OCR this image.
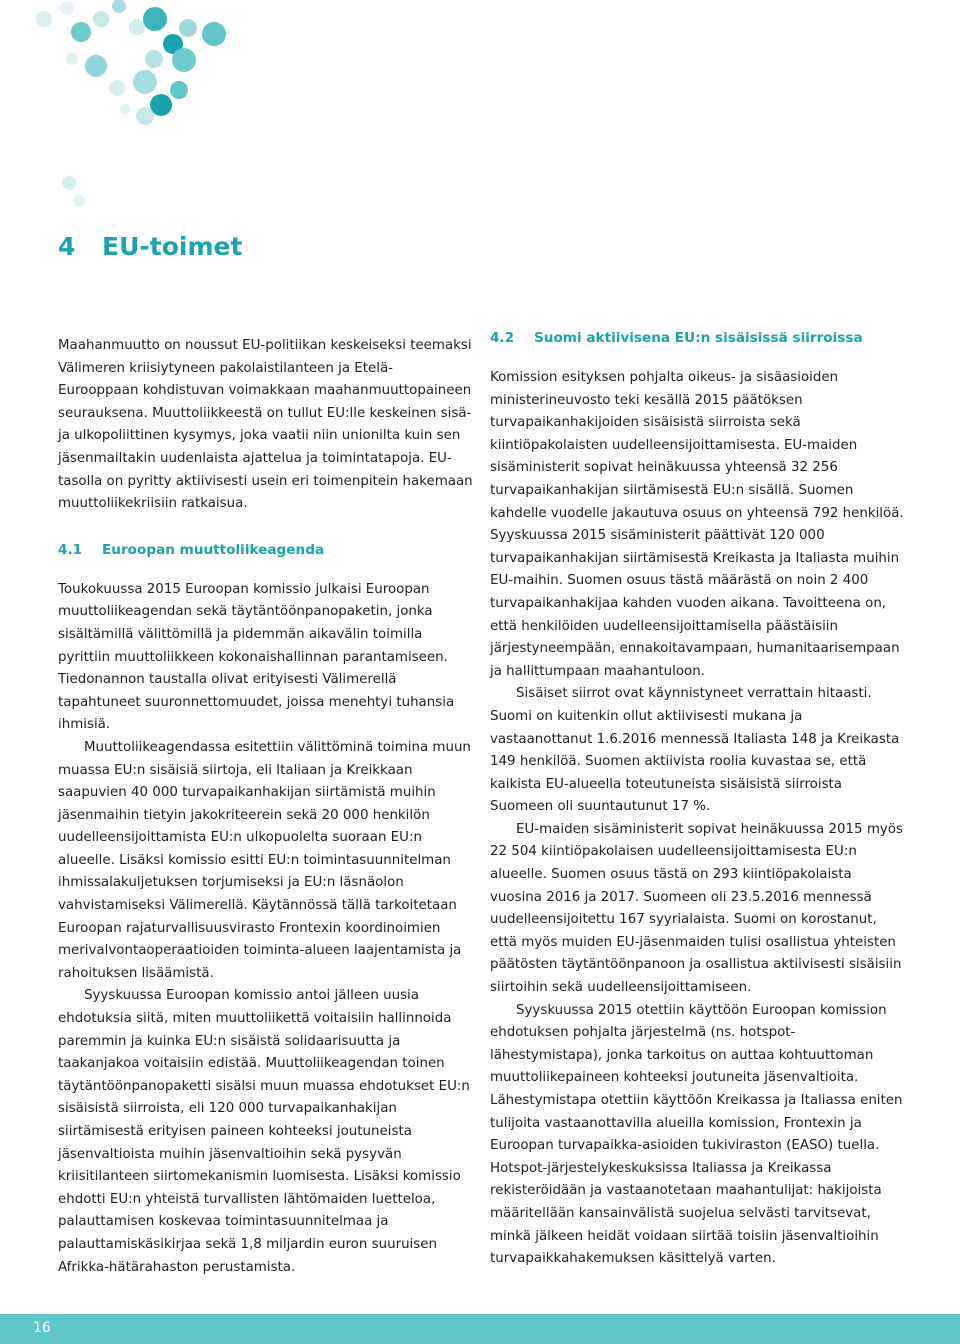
4 EU-toimet

Maahanmuutto on noussut EU-politiikan keskeiseksi teemaksi Välimeren kriisiytyneen pakolaistilanteen ja Etelä-Eurooppaan kohdistuvan voimakkaan maahanmuuttopaineen seurauksena. Muuttoliikkeestä on tullut EU:lle keskeinen sisä- ja ulkopoliittinen kysymys, joka vaatii niin unionilta kuin sen jäsenmailtakin uudenlaista ajattelua ja toimintatapoja. EU-tasolla on pyritty aktiivisesti usein eri toimenpitein hakemaan muuttoliikekriisiin ratkaisua.

4.1 Euroopan muuttoliikeagenda

Toukokuussa 2015 Euroopan komissio julkaisi Euroopan muuttoliikeagendan sekä täytäntöönpanopaketin, jonka sisältämillä välittömillä ja pidemmän aikavälin toimilla pyrittiin muuttoliikkeen kokonaishallinnan parantamiseen. Tiedonannon taustalla olivat erityisesti Välimerellä tapahtuneet suuronnettomuudet, joissa menehtyi tuhansia ihmisiä.

Muuttoliikeagendassa esitettiin välittöminä toimina muun muassa EU:n sisäisiä siirtoja, eli Italiaan ja Kreikkaan saapuvien 40 000 turvapaikanhakijan siirtämistä muihin jäsenmaihin tietyin jakokriteerein sekä 20 000 henkilön uudelleensijoittamista EU:n ulkopuolelta suoraan EU:n alueelle. Lisäksi komissio esitti EU:n toimintasuunnitelman ihmissalakuljetuksen torjumiseksi ja EU:n läsnäolon vahvistamiseksi Välimerellä. Käytännössä tällä tarkoitetaan Euroopan rajaturvallisuusvirasto Frontexin koordinoimien merivalvontaoperaatioiden toiminta-alueen laajentamista ja rahoituksen lisäämistä.

Syyskuussa Euroopan komissio antoi jälleen uusia ehdotuksia siitä, miten muuttoliikettä voitaisiin hallinnoida paremmin ja kuinka EU:n sisäistä solidaarisuutta ja taakanjakoa voitaisiin edistää. Muuttoliikeagendan toinen täytäntöönpanopaketti sisälsi muun muassa ehdotukset EU:n sisäisistä siirroista, eli 120 000 turvapaikanhakijan siirtämisestä erityisen paineen kohteeksi joutuneista jäsenvaltioista muihin jäsenvaltioihin sekä pysyvän kriisitilanteen siirtomekanismin luomisesta. Lisäksi komissio ehdotti EU:n yhteistä turvallisten lähtömaiden luetteloa, palauttamisen koskevaa toimintasuunnitelmaa ja palauttamiskäsikirjaa sekä 1,8 miljardin euron suuruisen Afrikka-hätärahaston perustamista.

4.2 Suomi aktiivisena EU:n sisäisissä siirroissa

Komission esityksen pohjalta oikeus- ja sisäasioiden ministerineuvosto teki kesällä 2015 päätöksen turvapaikanhakijoiden sisäisistä siirroista sekä kiintiöpakolaisten uudelleensijoittamisesta. EU-maiden sisäministerit sopivat heinäkuussa yhteensä 32 256 turvapaikanhakijan siirtämisestä EU:n sisällä. Suomen kahdelle vuodelle jakautuva osuus on yhteensä 792 henkilöä. Syyskuussa 2015 sisäministerit päättivät 120 000 turvapaikanhakijan siirtämisestä Kreikasta ja Italiasta muihin EU-maihin. Suomen osuus tästä määrästä on noin 2 400 turvapaikanhakijaa kahden vuoden aikana. Tavoitteena on, että henkilöiden uudelleensijoittamisella päästäisiin järjestyneempään, ennakoitavampaan, humanitaarisempaan ja hallittumpaan maahantuloon.

Sisäiset siirrot ovat käynnistyneet verrattain hitaasti. Suomi on kuitenkin ollut aktiivisesti mukana ja vastaanottanut 1.6.2016 mennessä Italiasta 148 ja Kreikasta 149 henkilöä. Suomen aktiivista roolia kuvastaa se, että kaikista EU-alueella toteutuneista sisäisistä siirroista Suomeen oli suuntautunut 17 %.

EU-maiden sisäministerit sopivat heinäkuussa 2015 myös 22 504 kiintiöpakolaisen uudelleensijoittamisesta EU:n alueelle. Suomen osuus tästä on 293 kiintiöpakolaista vuosina 2016 ja 2017. Suomeen oli 23.5.2016 mennessä uudelleensijoitettu 167 syyrialaista. Suomi on korostanut, että myös muiden EU-jäsenmaiden tulisi osallistua yhteisten päätösten täytäntöönpanoon ja osallistua aktiivisesti sisäisiin siirtoihin sekä uudelleensijoittamiseen.

Syyskuussa 2015 otettiin käyttöön Euroopan komission ehdotuksen pohjalta järjestelmä (ns. hotspot-lähestymistapa), jonka tarkoitus on auttaa kohtuuttoman muuttoliikepaineen kohteeksi joutuneita jäsenvaltioita. Lähestymistapa otettiin käyttöön Kreikassa ja Italiassa eniten tulijoita vastaanottavilla alueilla komission, Frontexin ja Euroopan turvapaikka-asioiden tukiviraston (EASO) tuella. Hotspot-järjestelykeskuksissa Italiassa ja Kreikassa rekisteröidään ja vastaanotetaan maahantulijat: hakijoista määritellään kansainvälistä suojelua selvästi tarvitsevat, minkä jälkeen heidät voidaan siirtää toisiin jäsenvaltioihin turvapaikkahakemuksen käsittelyä varten.

16
